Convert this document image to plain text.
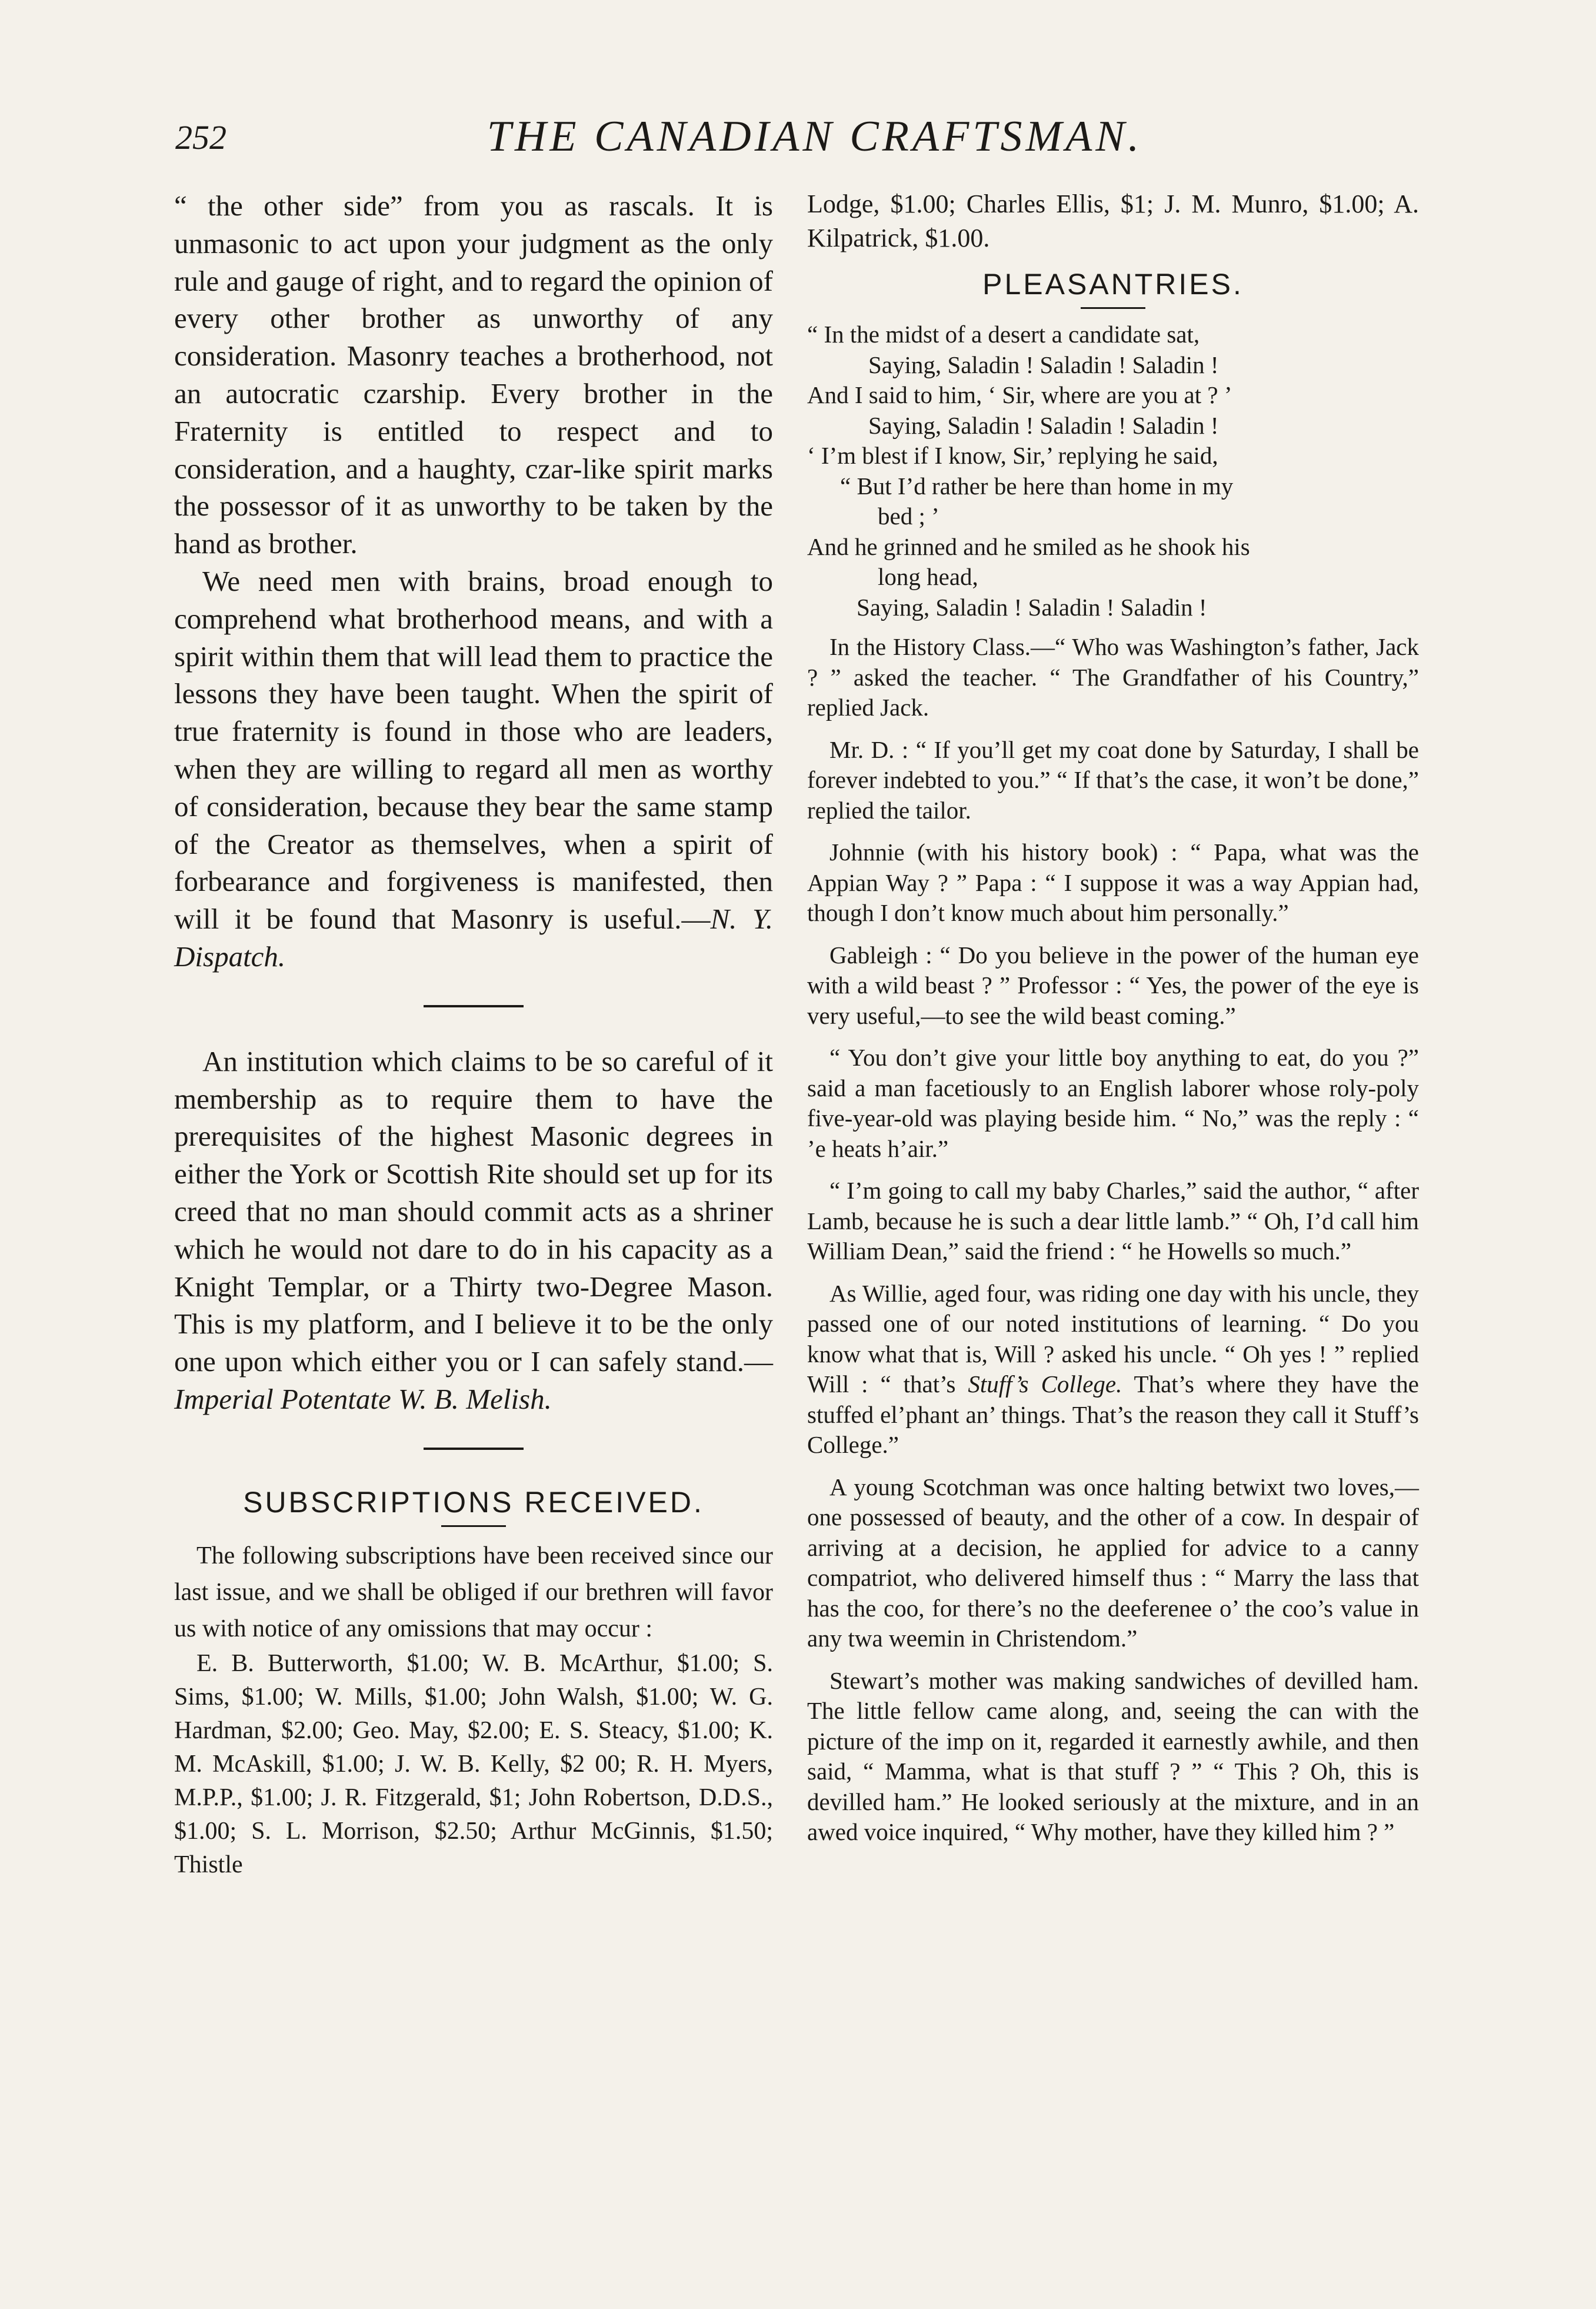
252	THE CANADIAN CRAFTSMAN.

“ the other side” from you as rascals. It is unmasonic to act upon your judgment as the only rule and gauge of right, and to regard the opinion of every other brother as unworthy of any consideration. Masonry teaches a brotherhood, not an autocratic czarship. Every brother in the Fraternity is entitled to respect and to consideration, and a haughty, czar-like spirit marks the possessor of it as unworthy to be taken by the hand as brother.

We need men with brains, broad enough to comprehend what brotherhood means, and with a spirit within them that will lead them to practice the lessons they have been taught. When the spirit of true fraternity is found in those who are leaders, when they are willing to regard all men as worthy of consideration, because they bear the same stamp of the Creator as themselves, when a spirit of forbearance and forgiveness is manifested, then will it be found that Masonry is useful.—N. Y. Dispatch.

An institution which claims to be so careful of it membership as to require them to have the prerequisites of the highest Masonic degrees in either the York or Scottish Rite should set up for its creed that no man should commit acts as a shriner which he would not dare to do in his capacity as a Knight Templar, or a Thirty two-Degree Mason. This is my platform, and I believe it to be the only one upon which either you or I can safely stand.—Imperial Potentate W. B. Melish.

SUBSCRIPTIONS RECEIVED.

The following subscriptions have been received since our last issue, and we shall be obliged if our brethren will favor us with notice of any omissions that may occur :

E. B. Butterworth, $1.00; W. B. McArthur, $1.00; S. Sims, $1.00; W. Mills, $1.00; John Walsh, $1.00; W. G. Hardman, $2.00; Geo. May, $2.00; E. S. Steacy, $1.00; K. M. McAskill, $1.00; J. W. B. Kelly, $2 00; R. H. Myers, M.P.P., $1.00; J. R. Fitzgerald, $1; John Robertson, D.D.S., $1.00; S. L. Morrison, $2.50; Arthur McGinnis, $1.50; Thistle

Lodge, $1.00; Charles Ellis, $1; J. M. Munro, $1.00; A. Kilpatrick, $1.00.

PLEASANTRIES.
“ In the midst of a desert a candidate sat,
Saying, Saladin ! Saladin ! Saladin !
And I said to him, ‘ Sir, where are you at ? ’
Saying, Saladin ! Saladin ! Saladin !
‘ I’m blest if I know, Sir,’ replying he said,
“ But I’d rather be here than home in my
bed ; ’
And he grinned and he smiled as he shook his
long head,
Saying, Saladin ! Saladin ! Saladin !

In the History Class.—“ Who was Washington’s father, Jack ? ” asked the teacher. “ The Grandfather of his Country,” replied Jack.

Mr. D. : “ If you’ll get my coat done by Saturday, I shall be forever indebted to you.” “ If that’s the case, it won’t be done,” replied the tailor.

Johnnie (with his history book) : “ Papa, what was the Appian Way ? ” Papa : “ I suppose it was a way Appian had, though I don’t know much about him personally.”

Gableigh : “ Do you believe in the power of the human eye with a wild beast ? ” Professor : “ Yes, the power of the eye is very useful,—to see the wild beast coming.”

“ You don’t give your little boy anything to eat, do you ?” said a man facetiously to an English laborer whose roly-poly five-year-old was playing beside him. “ No,” was the reply : “ ’e heats h’air.”

“ I’m going to call my baby Charles,” said the author, “ after Lamb, because he is such a dear little lamb.” “ Oh, I’d call him William Dean,” said the friend : “ he Howells so much.”

As Willie, aged four, was riding one day with his uncle, they passed one of our noted institutions of learning. “ Do you know what that is, Will ? asked his uncle. “ Oh yes ! ” replied Will : “ that’s Stuff’s College. That’s where they have the stuffed el’phant an’ things. That’s the reason they call it Stuff’s College.”

A young Scotchman was once halting betwixt two loves,—one possessed of beauty, and the other of a cow. In despair of arriving at a decision, he applied for advice to a canny compatriot, who delivered himself thus : “ Marry the lass that has the coo, for there’s no the deeferenee o’ the coo’s value in any twa weemin in Christendom.”

Stewart’s mother was making sandwiches of devilled ham. The little fellow came along, and, seeing the can with the picture of the imp on it, regarded it earnestly awhile, and then said, “ Mamma, what is that stuff ? ” “ This ? Oh, this is devilled ham.” He looked seriously at the mixture, and in an awed voice inquired, “ Why mother, have they killed him ? ”
